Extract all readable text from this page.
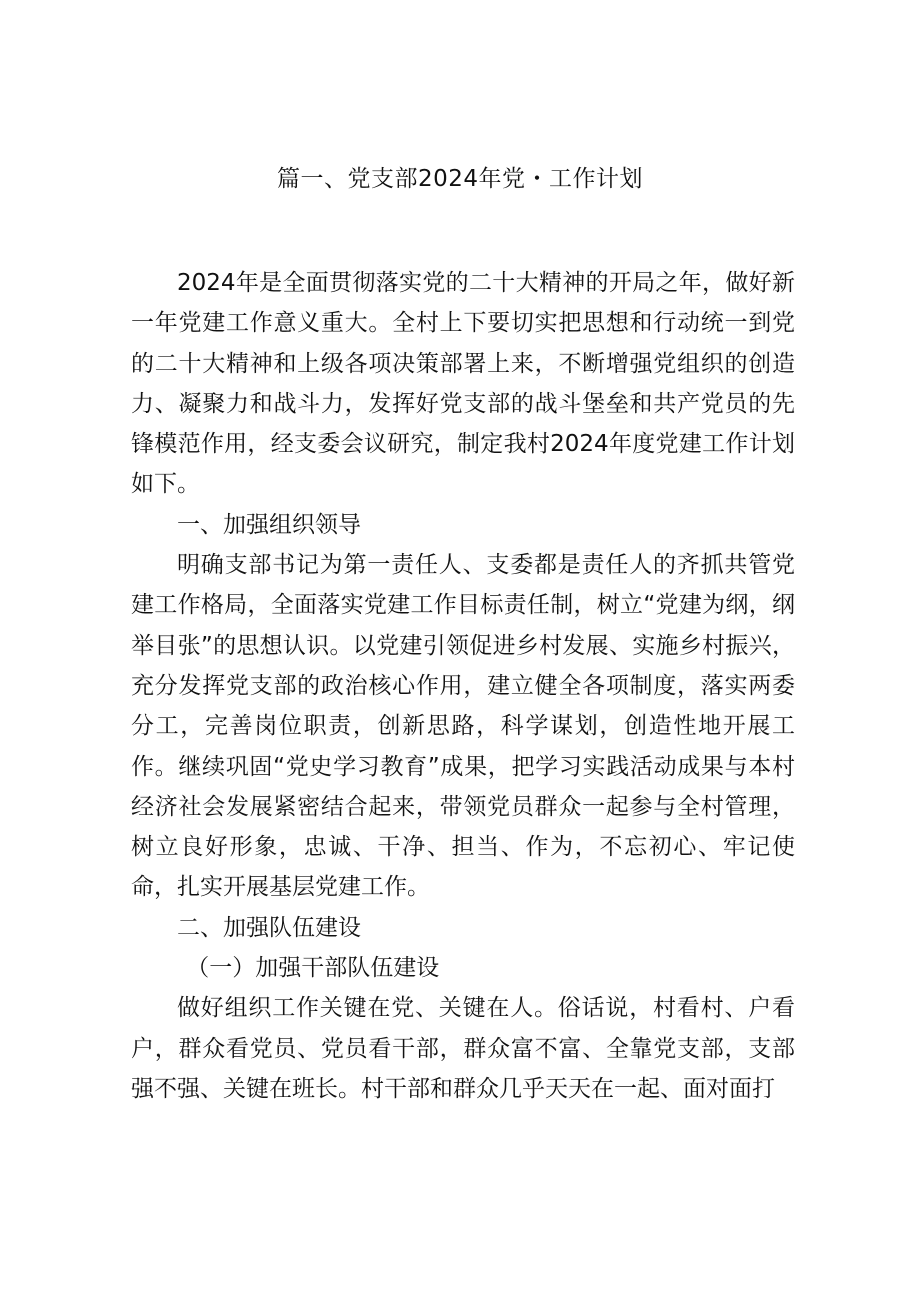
篇一、党支部2024年党・工作计划

2024年是全面贯彻落实党的二十大精神的开局之年，做好新一年党建工作意义重大。全村上下要切实把思想和行动统一到党的二十大精神和上级各项决策部署上来，不断增强党组织的创造力、凝聚力和战斗力，发挥好党支部的战斗堡垒和共产党员的先锋模范作用，经支委会议研究，制定我村2024年度党建工作计划如下。

一、加强组织领导

明确支部书记为第一责任人、支委都是责任人的齐抓共管党建工作格局，全面落实党建工作目标责任制，树立“党建为纲，纲举目张”的思想认识。以党建引领促进乡村发展、实施乡村振兴，充分发挥党支部的政治核心作用，建立健全各项制度，落实两委分工，完善岗位职责，创新思路，科学谋划，创造性地开展工作。继续巩固“党史学习教育”成果，把学习实践活动成果与本村经济社会发展紧密结合起来，带领党员群众一起参与全村管理，树立良好形象，忠诚、干净、担当、作为，不忘初心、牢记使命，扎实开展基层党建工作。

二、加强队伍建设

（一）加强干部队伍建设

做好组织工作关键在党、关键在人。俗话说，村看村、户看户，群众看党员、党员看干部，群众富不富、全靠党支部，支部强不强、关键在班长。村干部和群众几乎天天在一起、面对面打
